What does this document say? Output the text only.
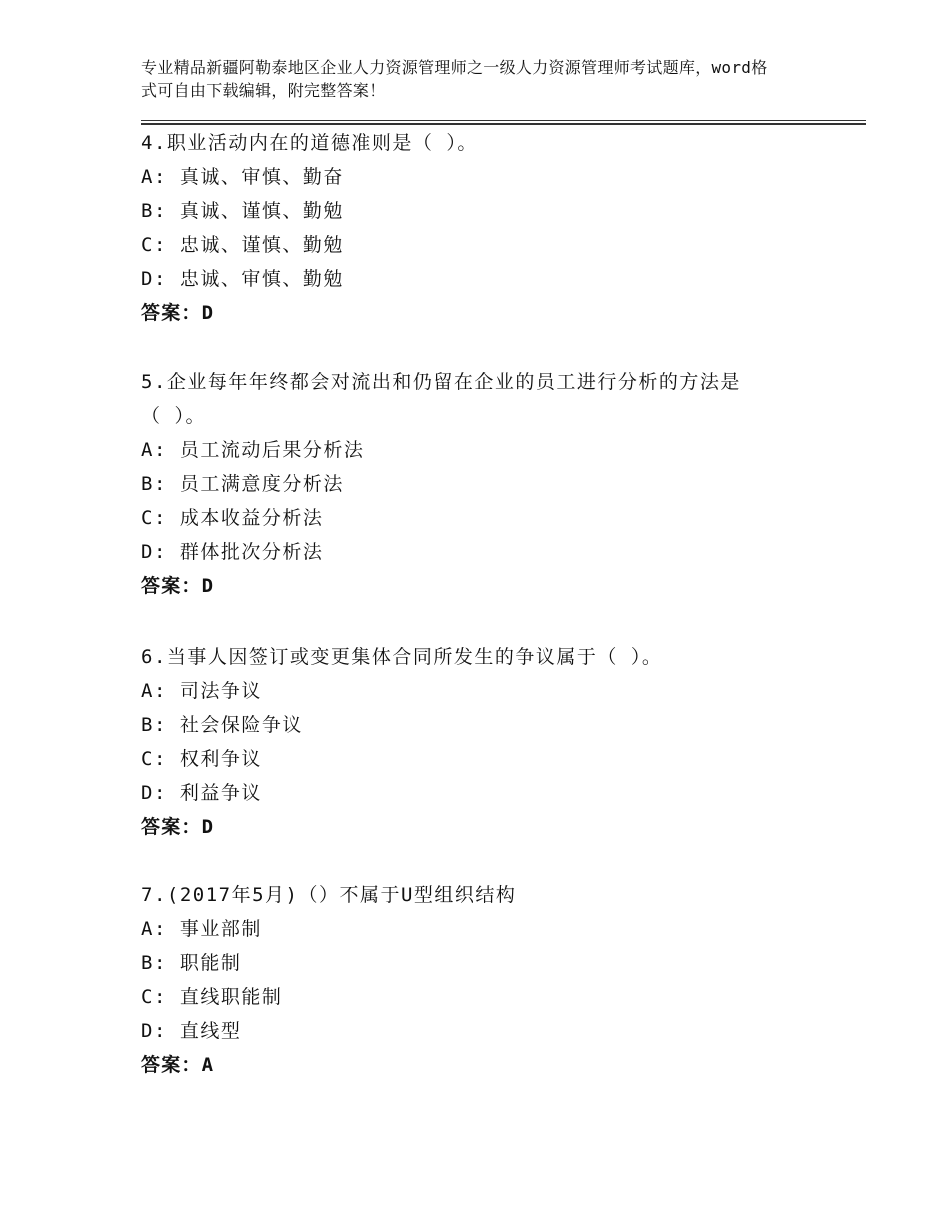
专业精品新疆阿勒泰地区企业人力资源管理师之一级人力资源管理师考试题库，word格式可自由下载编辑，附完整答案！

4.职业活动内在的道德准则是（ ）。

A: 真诚、审慎、勤奋

B: 真诚、谨慎、勤勉

C: 忠诚、谨慎、勤勉

D: 忠诚、审慎、勤勉

答案：D

5.企业每年年终都会对流出和仍留在企业的员工进行分析的方法是

（ ）。

A: 员工流动后果分析法

B: 员工满意度分析法

C: 成本收益分析法

D: 群体批次分析法

答案：D

6.当事人因签订或变更集体合同所发生的争议属于（ ）。

A: 司法争议

B: 社会保险争议

C: 权利争议

D: 利益争议

答案：D

7.(2017年5月)（）不属于U型组织结构

A: 事业部制

B: 职能制

C: 直线职能制

D: 直线型

答案：A
